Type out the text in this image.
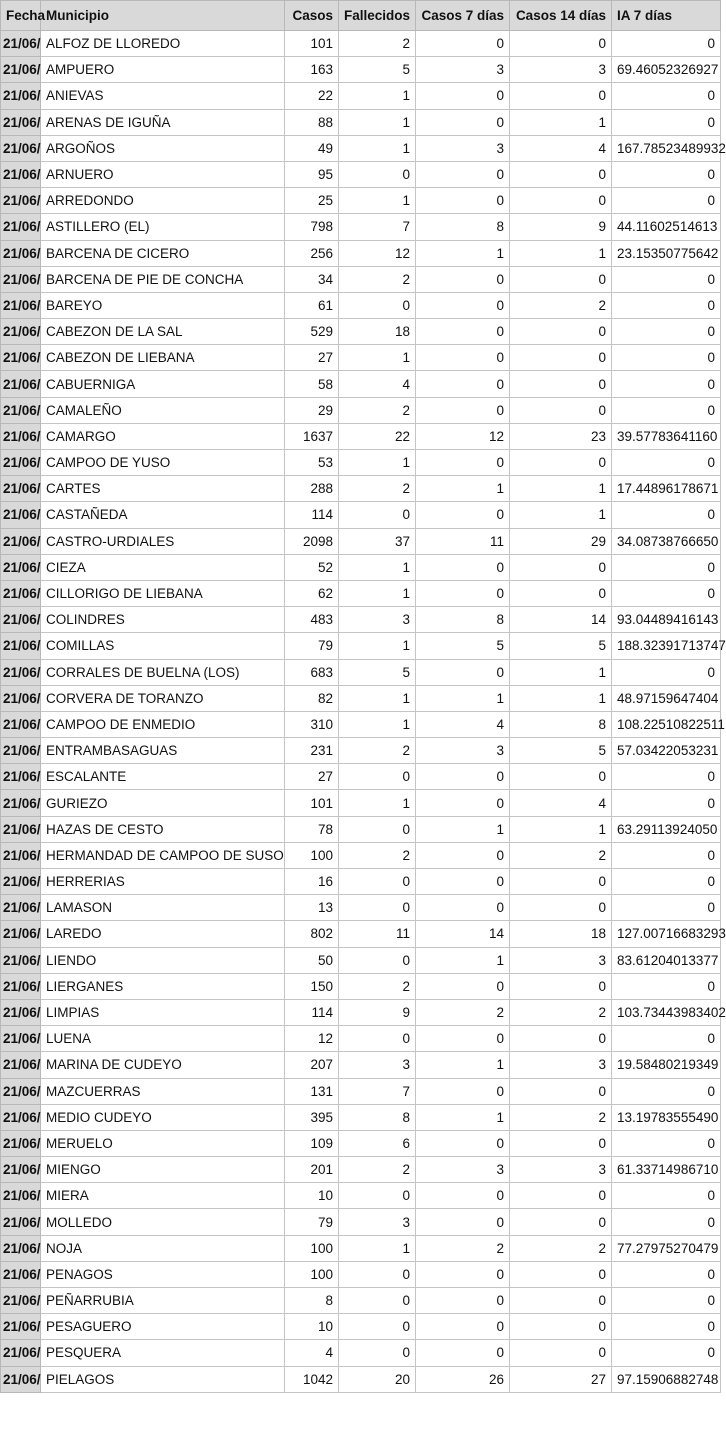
Fecha	Municipio	Casos	Fallecidos	Casos 7 días	Casos 14 días	IA 7 días
21/06/	ALFOZ DE LLOREDO	101	2	0	0	0
21/06/	AMPUERO	163	5	3	3	69.46052326927
21/06/	ANIEVAS	22	1	0	0	0
21/06/	ARENAS DE IGUÑA	88	1	0	1	0
21/06/	ARGOÑOS	49	1	3	4	167.78523489932
21/06/	ARNUERO	95	0	0	0	0
21/06/	ARREDONDO	25	1	0	0	0
21/06/	ASTILLERO (EL)	798	7	8	9	44.11602514613
21/06/	BARCENA DE CICERO	256	12	1	1	23.15350775642
21/06/	BARCENA DE PIE DE CONCHA	34	2	0	0	0
21/06/	BAREYO	61	0	0	2	0
21/06/	CABEZON DE LA SAL	529	18	0	0	0
21/06/	CABEZON DE LIEBANA	27	1	0	0	0
21/06/	CABUERNIGA	58	4	0	0	0
21/06/	CAMALEÑO	29	2	0	0	0
21/06/	CAMARGO	1637	22	12	23	39.57783641160
21/06/	CAMPOO DE YUSO	53	1	0	0	0
21/06/	CARTES	288	2	1	1	17.44896178671
21/06/	CASTAÑEDA	114	0	0	1	0
21/06/	CASTRO-URDIALES	2098	37	11	29	34.08738766650
21/06/	CIEZA	52	1	0	0	0
21/06/	CILLORIGO DE LIEBANA	62	1	0	0	0
21/06/	COLINDRES	483	3	8	14	93.04489416143
21/06/	COMILLAS	79	1	5	5	188.32391713747
21/06/	CORRALES DE BUELNA (LOS)	683	5	0	1	0
21/06/	CORVERA DE TORANZO	82	1	1	1	48.97159647404
21/06/	CAMPOO DE ENMEDIO	310	1	4	8	108.22510822511
21/06/	ENTRAMBASAGUAS	231	2	3	5	57.03422053231
21/06/	ESCALANTE	27	0	0	0	0
21/06/	GURIEZO	101	1	0	4	0
21/06/	HAZAS DE CESTO	78	0	1	1	63.29113924050
21/06/	HERMANDAD DE CAMPOO DE SUSO	100	2	0	2	0
21/06/	HERRERIAS	16	0	0	0	0
21/06/	LAMASON	13	0	0	0	0
21/06/	LAREDO	802	11	14	18	127.00716683293
21/06/	LIENDO	50	0	1	3	83.61204013377
21/06/	LIERGANES	150	2	0	0	0
21/06/	LIMPIAS	114	9	2	2	103.73443983402
21/06/	LUENA	12	0	0	0	0
21/06/	MARINA DE CUDEYO	207	3	1	3	19.58480219349
21/06/	MAZCUERRAS	131	7	0	0	0
21/06/	MEDIO CUDEYO	395	8	1	2	13.19783555490
21/06/	MERUELO	109	6	0	0	0
21/06/	MIENGO	201	2	3	3	61.33714986710
21/06/	MIERA	10	0	0	0	0
21/06/	MOLLEDO	79	3	0	0	0
21/06/	NOJA	100	1	2	2	77.27975270479
21/06/	PENAGOS	100	0	0	0	0
21/06/	PEÑARRUBIA	8	0	0	0	0
21/06/	PESAGUERO	10	0	0	0	0
21/06/	PESQUERA	4	0	0	0	0
21/06/	PIELAGOS	1042	20	26	27	97.15906882748
